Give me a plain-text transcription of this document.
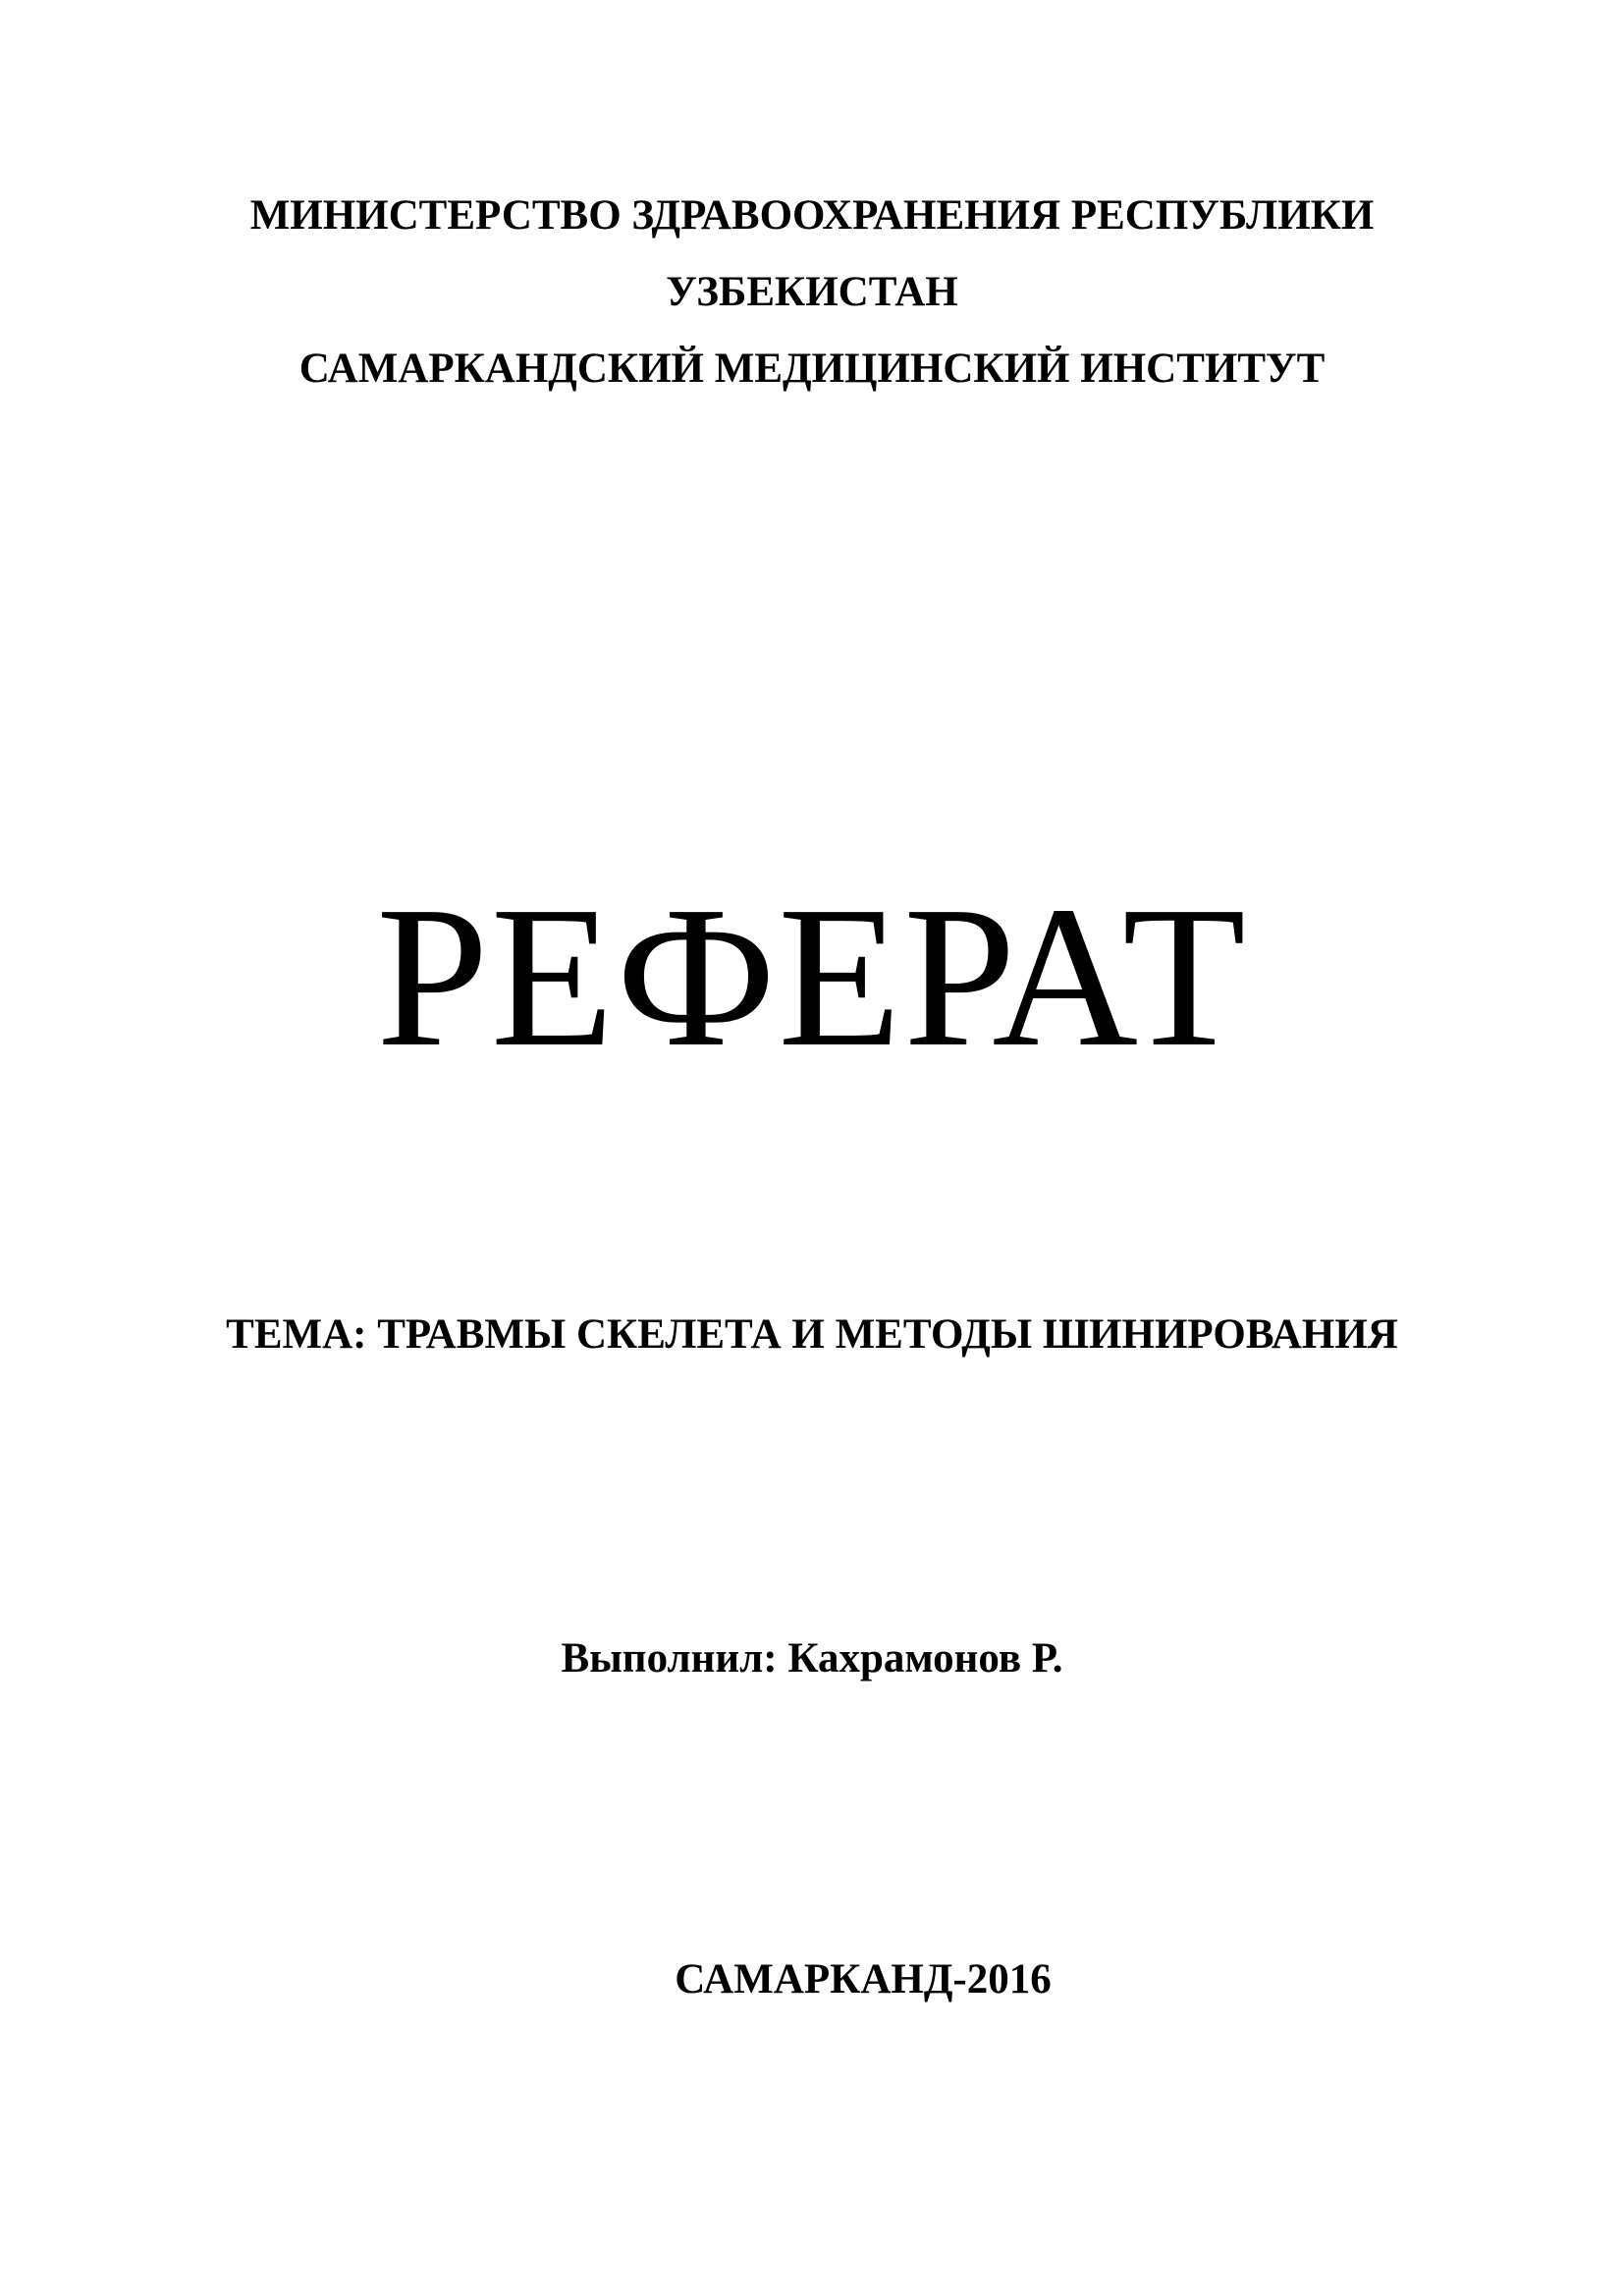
МИНИСТЕРСТВО ЗДРАВООХРАНЕНИЯ РЕСПУБЛИКИ
УЗБЕКИСТАН
САМАРКАНДСКИЙ МЕДИЦИНСКИЙ ИНСТИТУТ
РЕФЕРАТ
ТЕМА: ТРАВМЫ СКЕЛЕТА И МЕТОДЫ ШИНИРОВАНИЯ
Выполнил: Кахрамонов Р.
САМАРКАНД-2016
